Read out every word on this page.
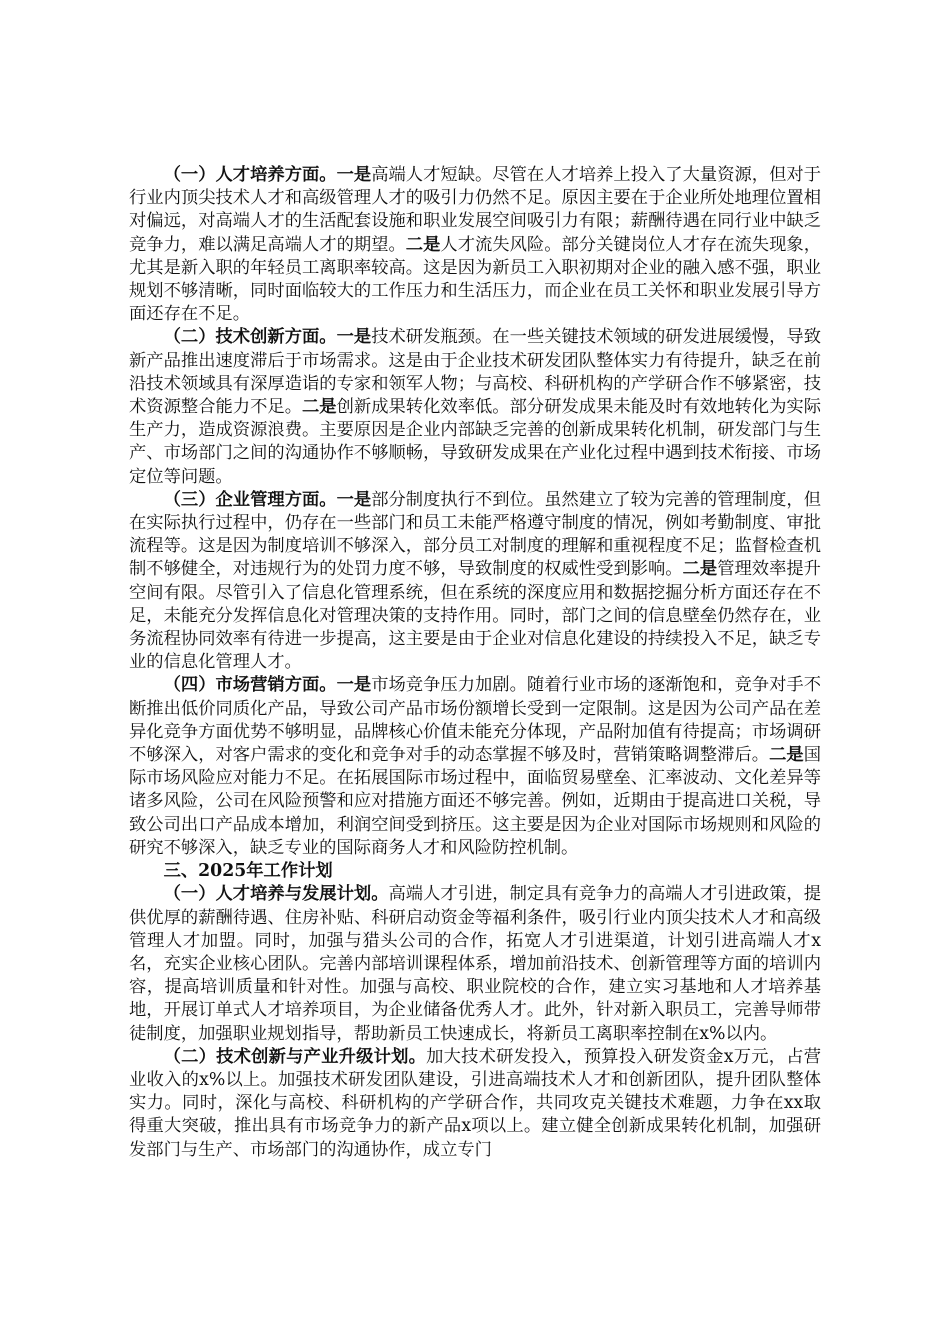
（一）人才培养方面。一是高端人才短缺。尽管在人才培养上投入了大量资源，但对于行业内顶尖技术人才和高级管理人才的吸引力仍然不足。原因主要在于企业所处地理位置相对偏远，对高端人才的生活配套设施和职业发展空间吸引力有限；薪酬待遇在同行业中缺乏竞争力，难以满足高端人才的期望。二是人才流失风险。部分关键岗位人才存在流失现象，尤其是新入职的年轻员工离职率较高。这是因为新员工入职初期对企业的融入感不强，职业规划不够清晰，同时面临较大的工作压力和生活压力，而企业在员工关怀和职业发展引导方面还存在不足。

（二）技术创新方面。一是技术研发瓶颈。在一些关键技术领域的研发进展缓慢，导致新产品推出速度滞后于市场需求。这是由于企业技术研发团队整体实力有待提升，缺乏在前沿技术领域具有深厚造诣的专家和领军人物；与高校、科研机构的产学研合作不够紧密，技术资源整合能力不足。二是创新成果转化效率低。部分研发成果未能及时有效地转化为实际生产力，造成资源浪费。主要原因是企业内部缺乏完善的创新成果转化机制，研发部门与生产、市场部门之间的沟通协作不够顺畅，导致研发成果在产业化过程中遇到技术衔接、市场定位等问题。

（三）企业管理方面。一是部分制度执行不到位。虽然建立了较为完善的管理制度，但在实际执行过程中，仍存在一些部门和员工未能严格遵守制度的情况，例如考勤制度、审批流程等。这是因为制度培训不够深入，部分员工对制度的理解和重视程度不足；监督检查机制不够健全，对违规行为的处罚力度不够，导致制度的权威性受到影响。二是管理效率提升空间有限。尽管引入了信息化管理系统，但在系统的深度应用和数据挖掘分析方面还存在不足，未能充分发挥信息化对管理决策的支持作用。同时，部门之间的信息壁垒仍然存在，业务流程协同效率有待进一步提高，这主要是由于企业对信息化建设的持续投入不足，缺乏专业的信息化管理人才。

（四）市场营销方面。一是市场竞争压力加剧。随着行业市场的逐渐饱和，竞争对手不断推出低价同质化产品，导致公司产品市场份额增长受到一定限制。这是因为公司产品在差异化竞争方面优势不够明显，品牌核心价值未能充分体现，产品附加值有待提高；市场调研不够深入，对客户需求的变化和竞争对手的动态掌握不够及时，营销策略调整滞后。二是国际市场风险应对能力不足。在拓展国际市场过程中，面临贸易壁垒、汇率波动、文化差异等诸多风险，公司在风险预警和应对措施方面还不够完善。例如，近期由于提高进口关税，导致公司出口产品成本增加，利润空间受到挤压。这主要是因为企业对国际市场规则和风险的研究不够深入，缺乏专业的国际商务人才和风险防控机制。

三、2025年工作计划

（一）人才培养与发展计划。高端人才引进，制定具有竞争力的高端人才引进政策，提供优厚的薪酬待遇、住房补贴、科研启动资金等福利条件，吸引行业内顶尖技术人才和高级管理人才加盟。同时，加强与猎头公司的合作，拓宽人才引进渠道，计划引进高端人才x名，充实企业核心团队。完善内部培训课程体系，增加前沿技术、创新管理等方面的培训内容，提高培训质量和针对性。加强与高校、职业院校的合作，建立实习基地和人才培养基地，开展订单式人才培养项目，为企业储备优秀人才。此外，针对新入职员工，完善导师带徒制度，加强职业规划指导，帮助新员工快速成长，将新员工离职率控制在x%以内。

（二）技术创新与产业升级计划。加大技术研发投入，预算投入研发资金x万元，占营业收入的x%以上。加强技术研发团队建设，引进高端技术人才和创新团队，提升团队整体实力。同时，深化与高校、科研机构的产学研合作，共同攻克关键技术难题，力争在xx取得重大突破，推出具有市场竞争力的新产品x项以上。建立健全创新成果转化机制，加强研发部门与生产、市场部门的沟通协作，成立专门
